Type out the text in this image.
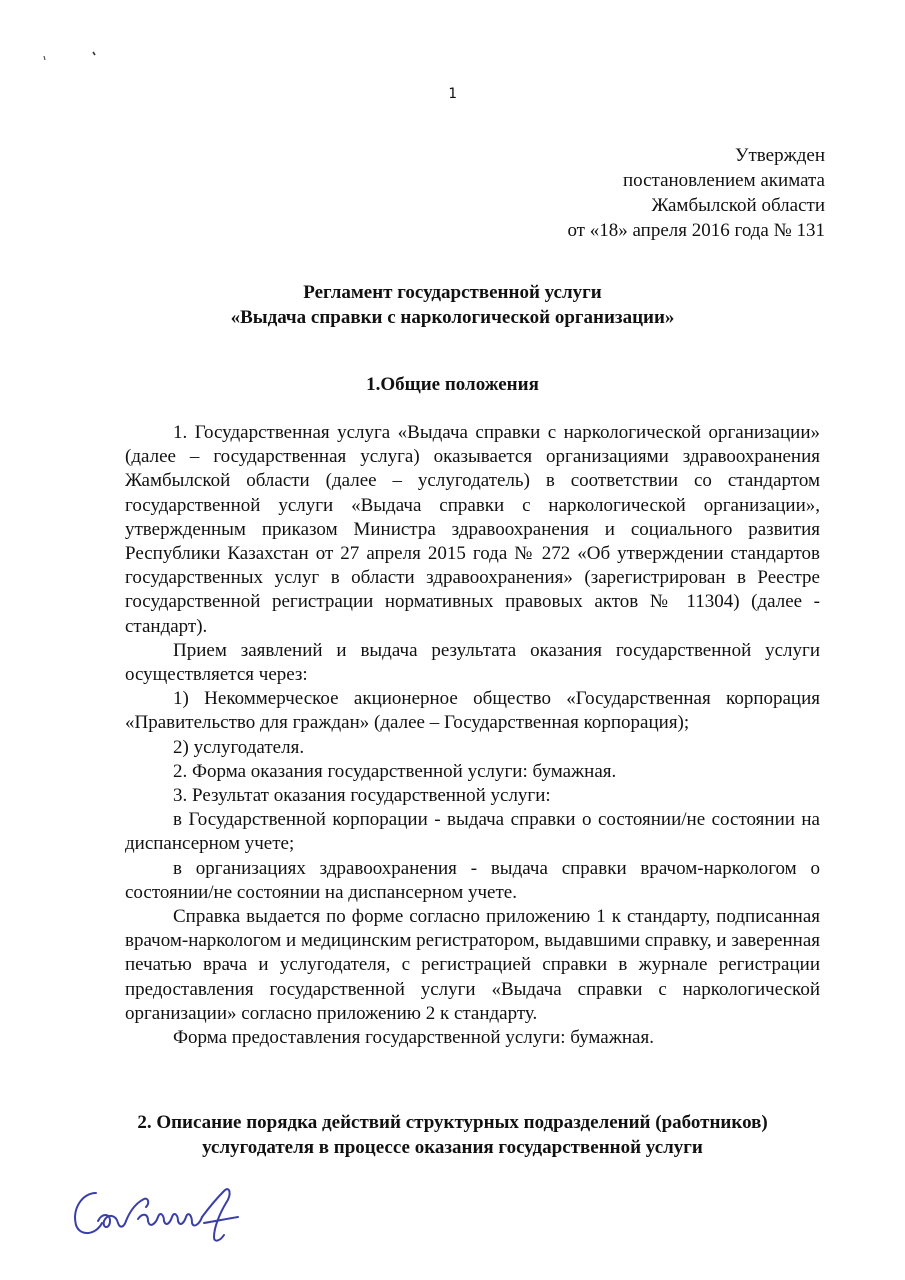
1
Утвержден
постановлением акимата
Жамбылской области
от «18» апреля 2016 года № 131
Регламент государственной услуги
«Выдача справки с наркологической организации»
1.Общие положения

1. Государственная услуга «Выдача справки с наркологической организации» (далее – государственная услуга) оказывается организациями здравоохранения Жамбылской области (далее – услугодатель) в соответствии со стандартом государственной услуги «Выдача справки с наркологической организации», утвержденным приказом Министра здравоохранения и социального развития Республики Казахстан от 27 апреля 2015 года № 272 «Об утверждении стандартов государственных услуг в области здравоохранения» (зарегистрирован в Реестре государственной регистрации нормативных правовых актов № 11304) (далее - стандарт).

Прием заявлений и выдача результата оказания государственной услуги осуществляется через:

1) Некоммерческое акционерное общество «Государственная корпорация «Правительство для граждан» (далее – Государственная корпорация);

2) услугодателя.

2. Форма оказания государственной услуги: бумажная.

3. Результат оказания государственной услуги:

в Государственной корпорации - выдача справки о состоянии/не состоянии на диспансерном учете;

в организациях здравоохранения - выдача справки врачом-наркологом о состоянии/не состоянии на диспансерном учете.

Справка выдается по форме согласно приложению 1 к стандарту, подписанная врачом-наркологом и медицинским регистратором, выдавшими справку, и заверенная печатью врача и услугодателя, с регистрацией справки в журнале регистрации предоставления государственной услуги «Выдача справки с наркологической организации» согласно приложению 2 к стандарту.

Форма предоставления государственной услуги: бумажная.

2. Описание порядка действий структурных подразделений (работников)
услугодателя в процессе оказания государственной услуги
